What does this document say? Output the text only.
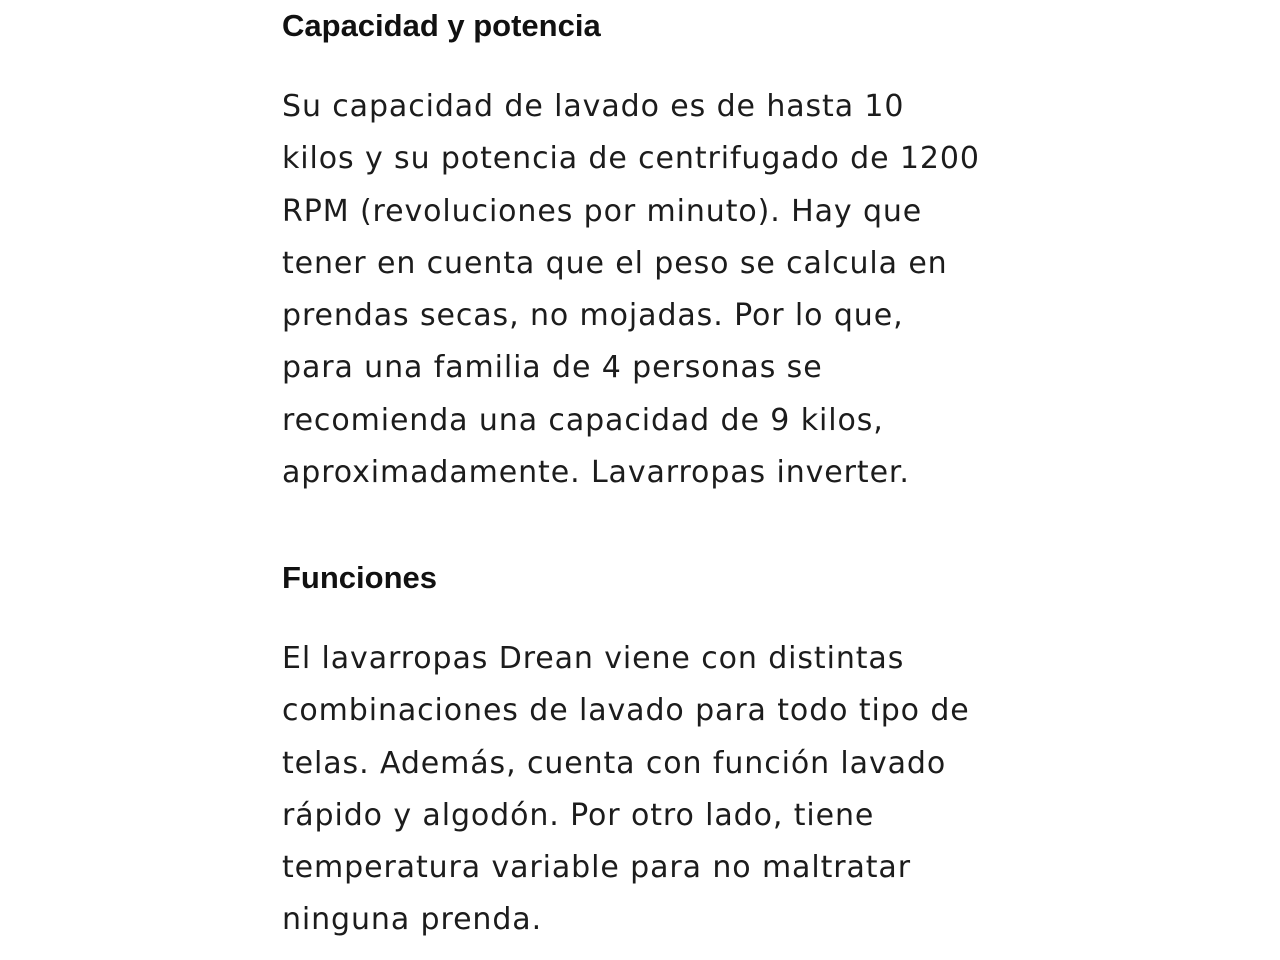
Capacidad y potencia

Su capacidad de lavado es de hasta 10
kilos y su potencia de centrifugado de 1200
RPM (revoluciones por minuto). Hay que
tener en cuenta que el peso se calcula en
prendas secas, no mojadas. Por lo que,
para una familia de 4 personas se
recomienda una capacidad de 9 kilos,
aproximadamente. Lavarropas inverter.

Funciones

El lavarropas Drean viene con distintas
combinaciones de lavado para todo tipo de
telas. Además, cuenta con función lavado
rápido y algodón. Por otro lado, tiene
temperatura variable para no maltratar
ninguna prenda.
